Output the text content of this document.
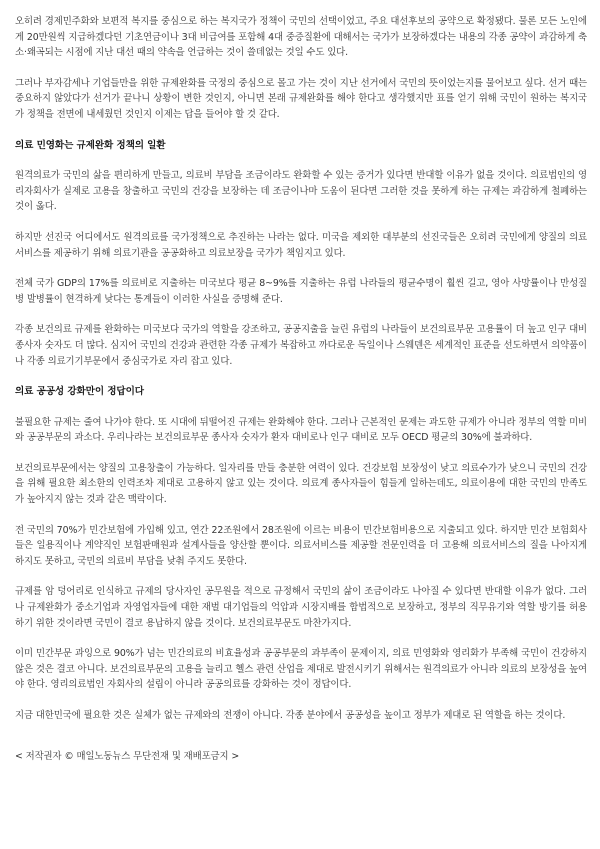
오히려 경제민주화와 보편적 복지를 중심으로 하는 복지국가 정책이 국민의 선택이었고, 주요 대선후보의 공약으로 확정됐다. 물론 모든 노인에게 20만원씩 지급하겠다던 기초연금이나 3대 비급여를 포함해 4대 중증질환에 대해서는 국가가 보장하겠다는 내용의 각종 공약이 과감하게 축소·왜곡되는 시점에 지난 대선 때의 약속을 언급하는 것이 쓸데없는 것일 수도 있다.

그러나 부자감세나 기업들만을 위한 규제완화를 국정의 중심으로 몰고 가는 것이 지난 선거에서 국민의 뜻이었는지를 물어보고 싶다. 선거 때는 중요하지 않았다가 선거가 끝나니 상황이 변한 것인지, 아니면 본래 규제완화를 해야 한다고 생각했지만 표를 얻기 위해 국민이 원하는 복지국가 정책을 전면에 내세웠던 것인지 이제는 답을 들어야 할 것 같다.

의료 민영화는 규제완화 정책의 일환

원격의료가 국민의 삶을 편리하게 만들고, 의료비 부담을 조금이라도 완화할 수 있는 증거가 있다면 반대할 이유가 없을 것이다. 의료법인의 영리자회사가 실제로 고용을 창출하고 국민의 건강을 보장하는 데 조금이나마 도움이 된다면 그러한 것을 못하게 하는 규제는 과감하게 철폐하는 것이 옳다.

하지만 선진국 어디에서도 원격의료를 국가정책으로 추진하는 나라는 없다. 미국을 제외한 대부분의 선진국들은 오히려 국민에게 양질의 의료서비스를 제공하기 위해 의료기관을 공공화하고 의료보장을 국가가 책임지고 있다.

전체 국가 GDP의 17%를 의료비로 지출하는 미국보다 평균 8~9%를 지출하는 유럽 나라들의 평균수명이 훨씬 길고, 영아 사망률이나 만성질병 발병률이 현격하게 낮다는 통계들이 이러한 사실을 증명해 준다.

각종 보건의료 규제를 완화하는 미국보다 국가의 역할을 강조하고, 공공지출을 늘린 유럽의 나라들이 보건의료부문 고용률이 더 높고 인구 대비 종사자 숫자도 더 많다. 심지어 국민의 건강과 관련한 각종 규제가 복잡하고 까다로운 독일이나 스웨덴은 세계적인 표준을 선도하면서 의약품이나 각종 의료기기부문에서 중심국가로 자리 잡고 있다.

의료 공공성 강화만이 정답이다

불필요한 규제는 줄여 나가야 한다. 또 시대에 뒤떨어진 규제는 완화해야 한다. 그러나 근본적인 문제는 과도한 규제가 아니라 정부의 역할 미비와 공공부문의 과소다. 우리나라는 보건의료부문 종사자 숫자가 환자 대비로나 인구 대비로 모두 OECD 평균의 30%에 불과하다.

보건의료부문에서는 양질의 고용창출이 가능하다. 일자리를 만들 충분한 여력이 있다. 건강보험 보장성이 낮고 의료수가가 낮으니 국민의 건강을 위해 필요한 최소한의 인력조차 제대로 고용하지 않고 있는 것이다. 의료계 종사자들이 힘들게 일하는데도, 의료이용에 대한 국민의 만족도가 높아지지 않는 것과 같은 맥락이다.

전 국민의 70%가 민간보험에 가입해 있고, 연간 22조원에서 28조원에 이르는 비용이 민간보험비용으로 지출되고 있다. 하지만 민간 보험회사들은 일용직이나 계약직인 보험판매원과 설계사들을 양산할 뿐이다. 의료서비스를 제공할 전문인력을 더 고용해 의료서비스의 질을 나아지게 하지도 못하고, 국민의 의료비 부담을 낮춰 주지도 못한다.

규제를 암 덩어리로 인식하고 규제의 당사자인 공무원을 적으로 규정해서 국민의 삶이 조금이라도 나아질 수 있다면 반대할 이유가 없다. 그러나 규제완화가 중소기업과 자영업자들에 대한 재벌 대기업들의 억압과 시장지배를 합법적으로 보장하고, 정부의 직무유기와 역할 방기를 허용하기 위한 것이라면 국민이 결코 용납하지 않을 것이다. 보건의료부문도 마찬가지다.

이미 민간부문 과잉으로 90%가 넘는 민간의료의 비효율성과 공공부문의 과부족이 문제이지, 의료 민영화와 영리화가 부족해 국민이 건강하지 않은 것은 결코 아니다. 보건의료부문의 고용을 늘리고 헬스 관련 산업을 제대로 발전시키기 위해서는 원격의료가 아니라 의료의 보장성을 높여야 한다. 영리의료법인 자회사의 설립이 아니라 공공의료를 강화하는 것이 정답이다.

지금 대한민국에 필요한 것은 실체가 없는 규제와의 전쟁이 아니다. 각종 분야에서 공공성을 높이고 정부가 제대로 된 역할을 하는 것이다.

< 저작권자 © 매일노동뉴스 무단전재 및 재배포금지 >
